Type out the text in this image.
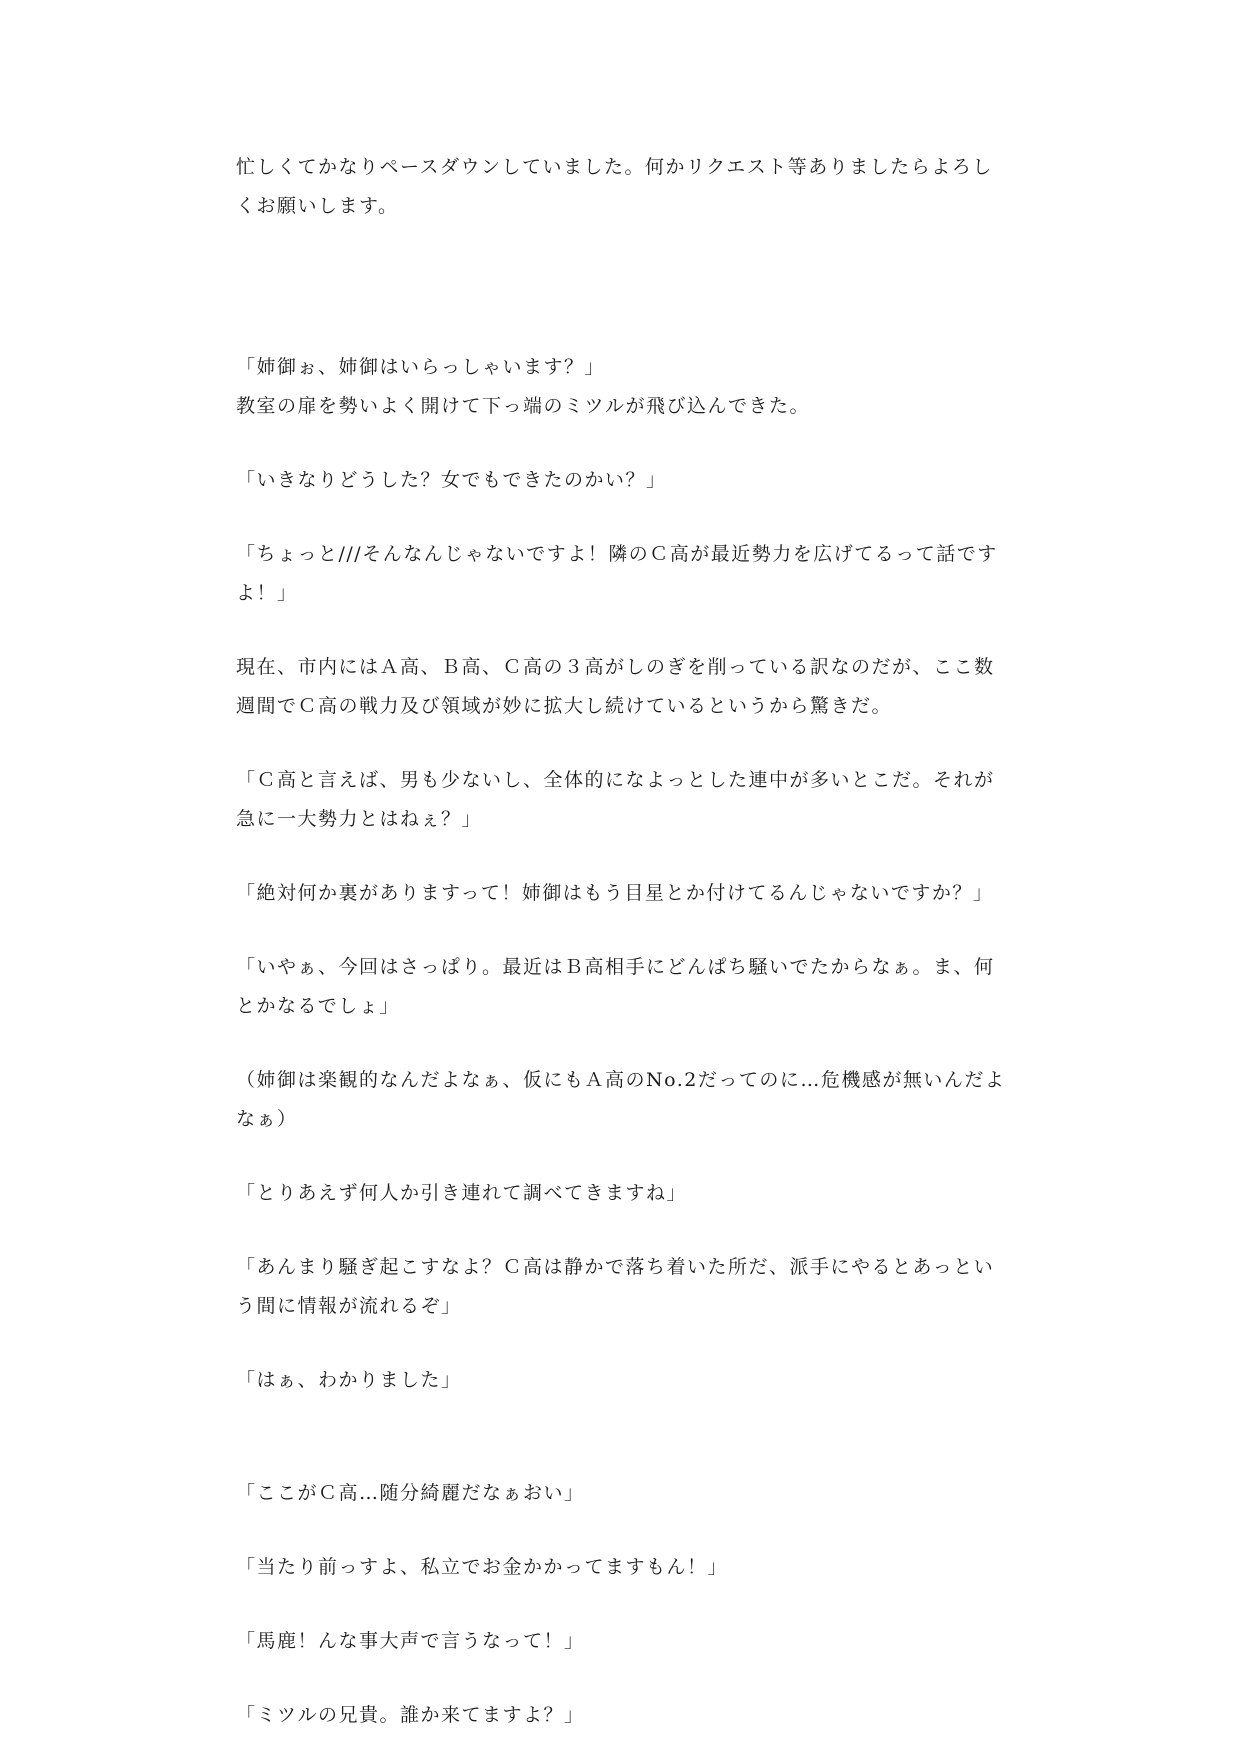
忙しくてかなりペースダウンしていました。何かリクエスト等ありましたらよろしくお願いします。

「姉御ぉ、姉御はいらっしゃいます？」

教室の扉を勢いよく開けて下っ端のミツルが飛び込んできた。

「いきなりどうした？女でもできたのかい？」

「ちょっと///そんなんじゃないですよ！隣のＣ高が最近勢力を広げてるって話ですよ！」

現在、市内にはＡ高、Ｂ高、Ｃ高の３高がしのぎを削っている訳なのだが、ここ数週間でＣ高の戦力及び領域が妙に拡大し続けているというから驚きだ。

「Ｃ高と言えば、男も少ないし、全体的になよっとした連中が多いとこだ。それが急に一大勢力とはねぇ？」

「絶対何か裏がありますって！姉御はもう目星とか付けてるんじゃないですか？」

「いやぁ、今回はさっぱり。最近はＢ高相手にどんぱち騒いでたからなぁ。ま、何とかなるでしょ」

（姉御は楽観的なんだよなぁ、仮にもＡ高のNo.2だってのに…危機感が無いんだよなぁ）

「とりあえず何人か引き連れて調べてきますね」

「あんまり騒ぎ起こすなよ？Ｃ高は静かで落ち着いた所だ、派手にやるとあっという間に情報が流れるぞ」

「はぁ、わかりました」

「ここがＣ高…随分綺麗だなぁおい」

「当たり前っすよ、私立でお金かかってますもん！」

「馬鹿！んな事大声で言うなって！」

「ミツルの兄貴。誰か来てますよ？」
